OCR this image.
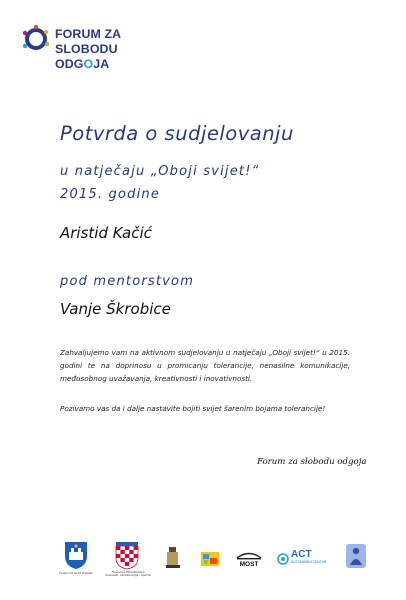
FORUM ZA
SLOBODU
ODGOJA
Potvrda o sudjelovanju
u natječaju „Oboji svijet!“
2015. godine
Aristid Kačić
pod mentorstvom
Vanje Škrobice
Zahvaljujemo vam na aktivnom sudjelovanju u natječaju „Oboji svijet!“ u 2015. godini te na doprinosu u promicanju tolerancije, nenasilne komunikacije, međusobnog uvažavanja, kreativnosti i inovativnosti.
Pozivamo vas da i dalje nastavite bojiti svijet šarenim bojama tolerancije!
Forum za slobodu odgoja
Financira Grad Zagreb	Financira Ministarstvo znanosti, obrazovanja i sporta
MOST
ACT
AUTONOMNI CENTAR
